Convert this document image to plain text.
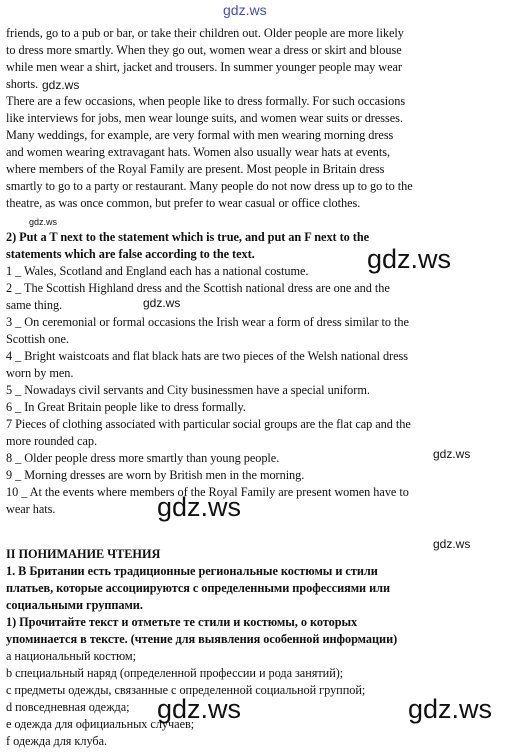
gdz.ws
friends, go to a pub or bar, or take their children out. Older people are more likely
to dress more smartly. When they go out, women wear a dress or skirt and blouse
while men wear a shirt, jacket and trousers. In summer younger people may wear
shorts.
There are a few occasions, when people like to dress formally. For such occasions
like interviews for jobs, men wear lounge suits, and women wear suits or dresses.
Many weddings, for example, are very formal with men wearing morning dress
and women wearing extravagant hats. Women also usually wear hats at events,
where members of the Royal Family are present. Most people in Britain dress
smartly to go to a party or restaurant. Many people do not now dress up to go to the
theatre, as was once common, but prefer to wear casual or office clothes.
2) Put a T next to the statement which is true, and put an F next to the
statements which are false according to the text.
1 _ Wales, Scotland and England each has a national costume.
2 _ The Scottish Highland dress and the Scottish national dress are one and the
same thing.
3 _ On ceremonial or formal occasions the Irish wear a form of dress similar to the
Scottish one.
4 _ Bright waistcoats and flat black hats are two pieces of the Welsh national dress
worn by men.
5 _ Nowadays civil servants and City businessmen have a special uniform.
6 _ In Great Britain people like to dress formally.
7 Pieces of clothing associated with particular social groups are the flat cap and the
more rounded cap.
8 _ Older people dress more smartly than young people.
9 _ Morning dresses are worn by British men in the morning.
10 _ At the events where members of the Royal Family are present women have to
wear hats.
II ПОНИМАНИЕ ЧТЕНИЯ
1. В Британии есть традиционные региональные костюмы и стили
платьев, которые ассоциируются с определенными профессиями или
социальными группами.
1) Прочитайте текст и отметьте те стили и костюмы, о которых
упоминается в тексте. (чтение для выявления особенной информации)
a национальный костюм;
b специальный наряд (определенной профессии и рода занятий);
c предметы одежды, связанные с определенной социальной группой;
d повседневная одежда;
e одежда для официальных случаев;
f одежда для клуба.
gdz.ws
gdz.ws
gdz.ws
gdz.ws
gdz.ws
gdz.ws
gdz.ws
gdz.ws	gdz.ws
